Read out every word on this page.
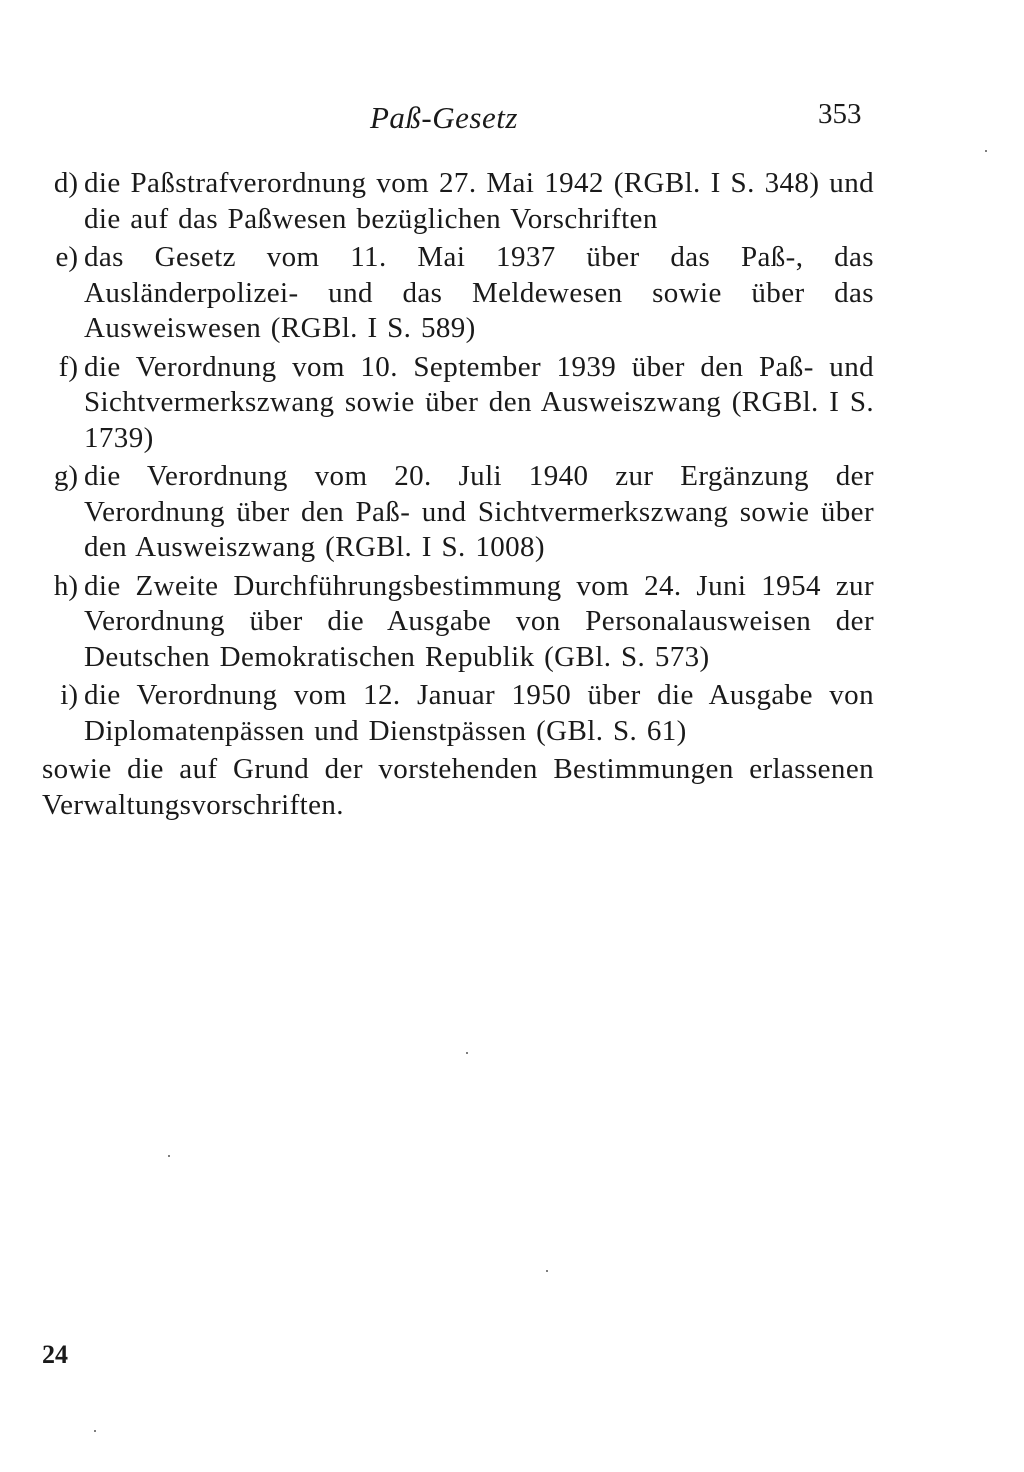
Paß-Gesetz	353
d) die Paßstrafverordnung vom 27. Mai 1942 (RGBl. I S. 348) und die auf das Paßwesen bezüglichen Vorschriften
e) das Gesetz vom 11. Mai 1937 über das Paß-, das Ausländerpolizei- und das Meldewesen sowie über das Ausweiswesen (RGBl. I S. 589)
f) die Verordnung vom 10. September 1939 über den Paß- und Sichtvermerkszwang sowie über den Ausweiszwang (RGBl. I S. 1739)
g) die Verordnung vom 20. Juli 1940 zur Ergänzung der Verordnung über den Paß- und Sichtvermerkszwang sowie über den Ausweiszwang (RGBl. I S. 1008)
h) die Zweite Durchführungsbestimmung vom 24. Juni 1954 zur Verordnung über die Ausgabe von Personalausweisen der Deutschen Demokratischen Republik (GBl. S. 573)
i) die Verordnung vom 12. Januar 1950 über die Ausgabe von Diplomatenpässen und Dienstpässen (GBl. S. 61)
sowie die auf Grund der vorstehenden Bestimmungen erlassenen Verwaltungsvorschriften.
24
